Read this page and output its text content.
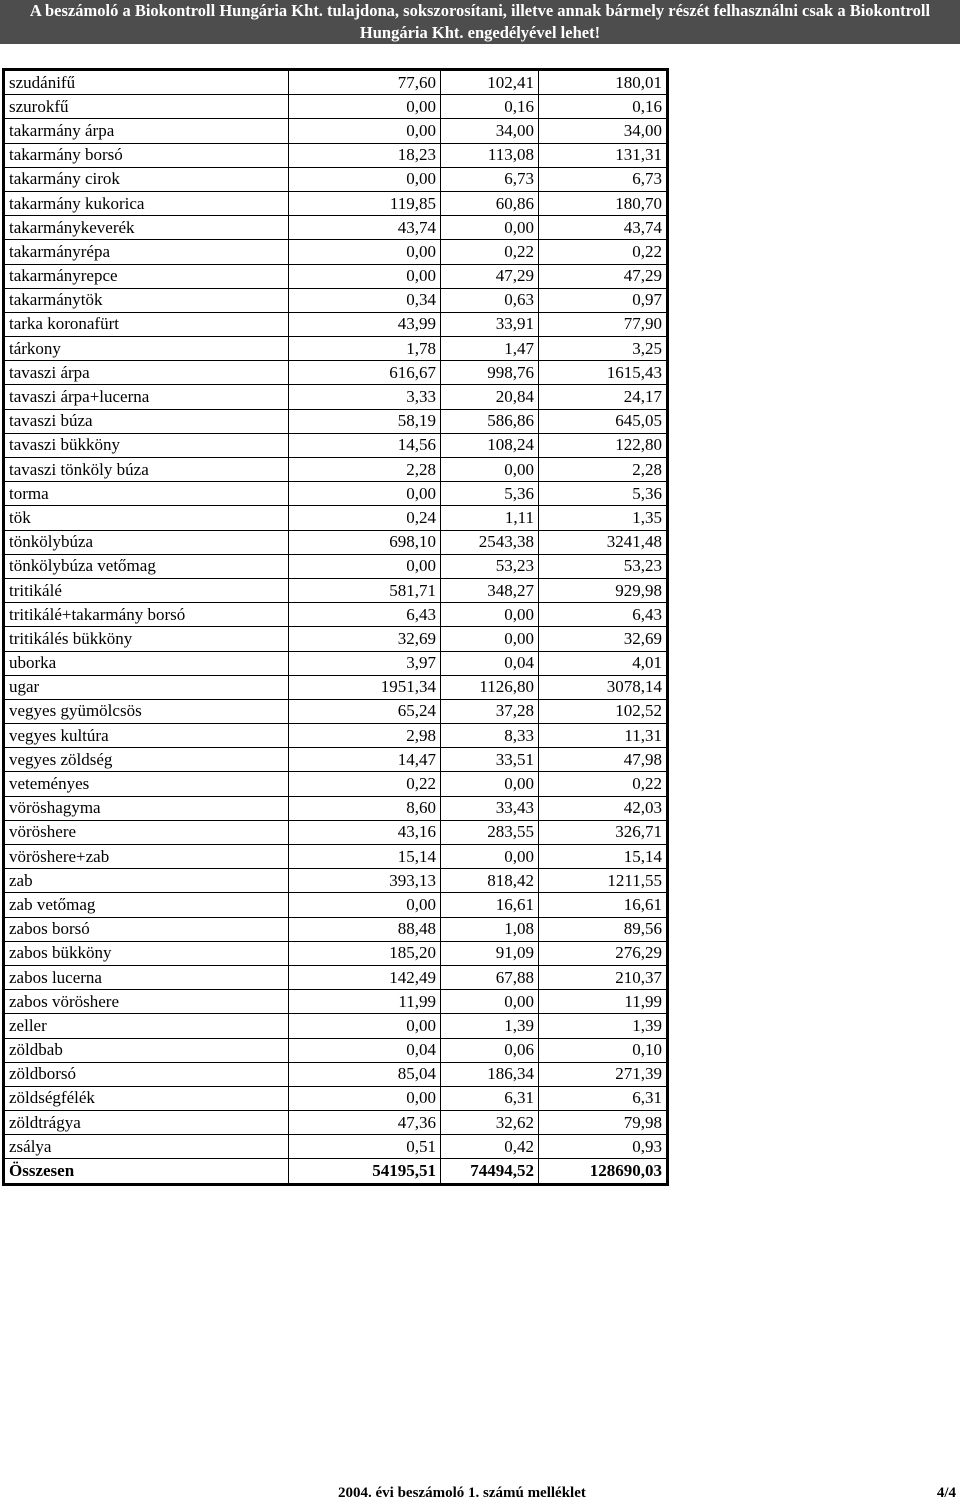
A beszámoló a Biokontroll Hungária Kht. tulajdona, sokszorosítani, illetve annak bármely részét felhasználni csak a Biokontroll
Hungária Kht. engedélyével lehet!
szudánifű	77,60	102,41	180,01
szurokfű	0,00	0,16	0,16
takarmány árpa	0,00	34,00	34,00
takarmány borsó	18,23	113,08	131,31
takarmány cirok	0,00	6,73	6,73
takarmány kukorica	119,85	60,86	180,70
takarmánykeverék	43,74	0,00	43,74
takarmányrépa	0,00	0,22	0,22
takarmányrepce	0,00	47,29	47,29
takarmánytök	0,34	0,63	0,97
tarka koronafürt	43,99	33,91	77,90
tárkony	1,78	1,47	3,25
tavaszi árpa	616,67	998,76	1615,43
tavaszi árpa+lucerna	3,33	20,84	24,17
tavaszi búza	58,19	586,86	645,05
tavaszi bükköny	14,56	108,24	122,80
tavaszi tönköly búza	2,28	0,00	2,28
torma	0,00	5,36	5,36
tök	0,24	1,11	1,35
tönkölybúza	698,10	2543,38	3241,48
tönkölybúza vetőmag	0,00	53,23	53,23
tritikálé	581,71	348,27	929,98
tritikálé+takarmány borsó	6,43	0,00	6,43
tritikálés bükköny	32,69	0,00	32,69
uborka	3,97	0,04	4,01
ugar	1951,34	1126,80	3078,14
vegyes gyümölcsös	65,24	37,28	102,52
vegyes kultúra	2,98	8,33	11,31
vegyes zöldség	14,47	33,51	47,98
veteményes	0,22	0,00	0,22
vöröshagyma	8,60	33,43	42,03
vöröshere	43,16	283,55	326,71
vöröshere+zab	15,14	0,00	15,14
zab	393,13	818,42	1211,55
zab vetőmag	0,00	16,61	16,61
zabos borsó	88,48	1,08	89,56
zabos bükköny	185,20	91,09	276,29
zabos lucerna	142,49	67,88	210,37
zabos vöröshere	11,99	0,00	11,99
zeller	0,00	1,39	1,39
zöldbab	0,04	0,06	0,10
zöldborsó	85,04	186,34	271,39
zöldségfélék	0,00	6,31	6,31
zöldtrágya	47,36	32,62	79,98
zsálya	0,51	0,42	0,93
Összesen	54195,51	74494,52	128690,03
2004. évi beszámoló 1. számú melléklet	4/4
